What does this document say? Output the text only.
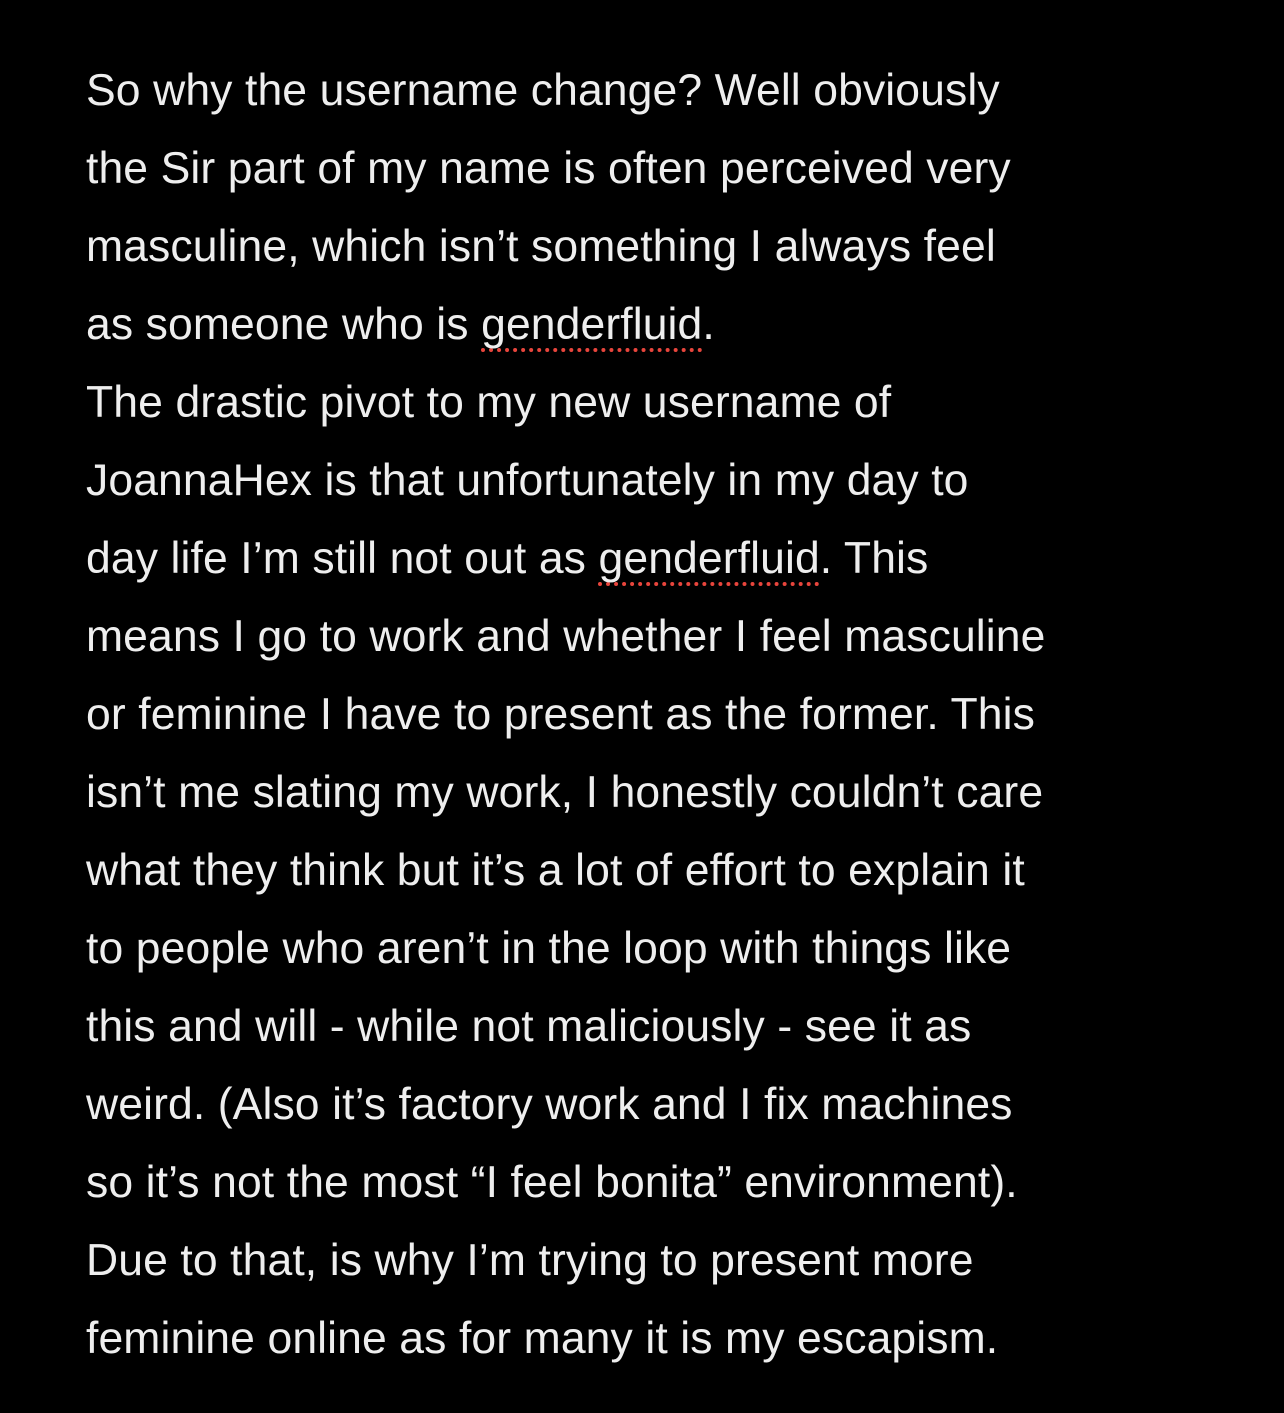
So why the username change? Well obviously
the Sir part of my name is often perceived very
masculine, which isn’t something I always feel
as someone who is genderfluid.
The drastic pivot to my new username of
JoannaHex is that unfortunately in my day to
day life I’m still not out as genderfluid. This
means I go to work and whether I feel masculine
or feminine I have to present as the former. This
isn’t me slating my work, I honestly couldn’t care
what they think but it’s a lot of effort to explain it
to people who aren’t in the loop with things like
this and will - while not maliciously - see it as
weird. (Also it’s factory work and I fix machines
so it’s not the most “I feel bonita” environment).
Due to that, is why I’m trying to present more
feminine online as for many it is my escapism.
